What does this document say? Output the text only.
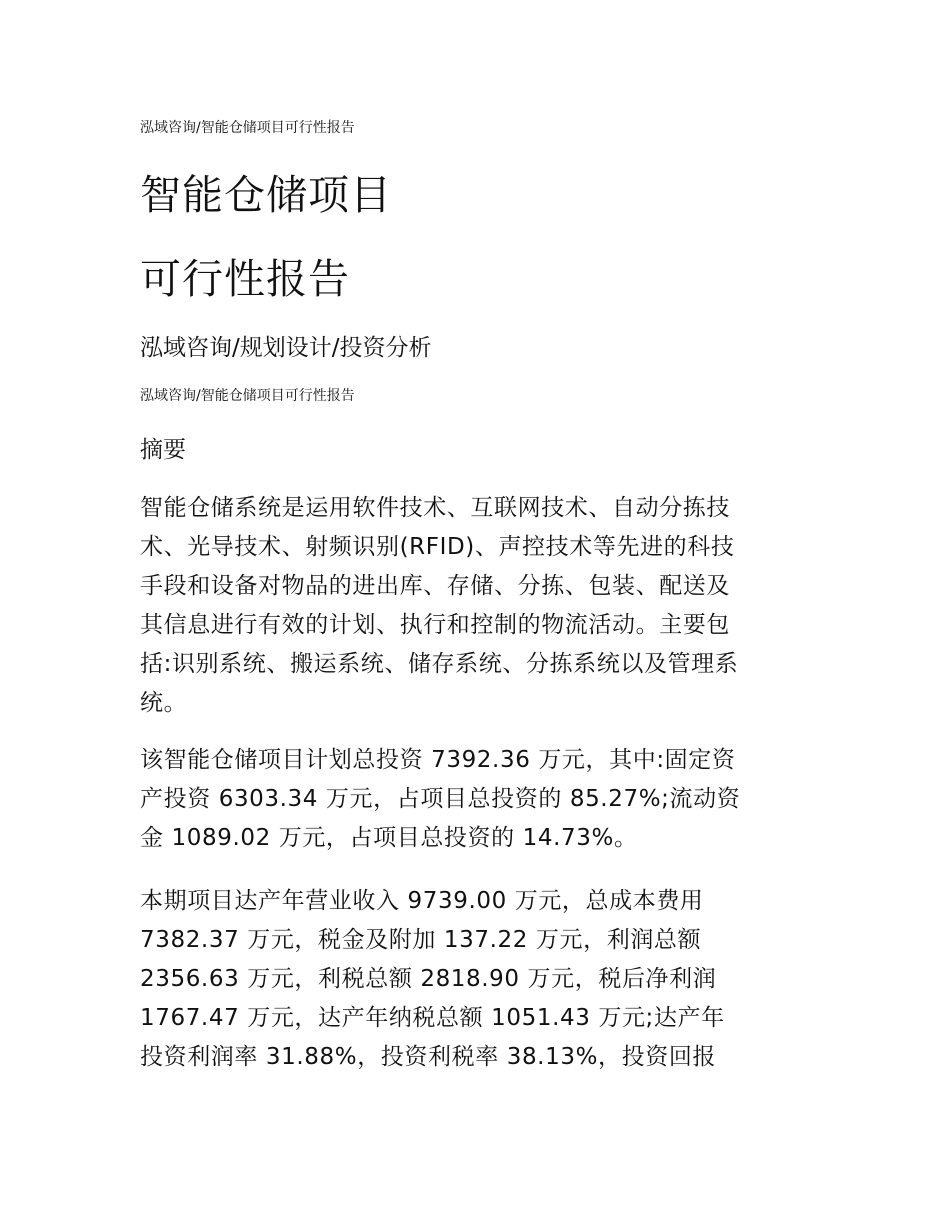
泓域咨询/智能仓储项目可行性报告
智能仓储项目
可行性报告
泓域咨询/规划设计/投资分析
泓域咨询/智能仓储项目可行性报告
摘要
智能仓储系统是运用软件技术、互联网技术、自动分拣技
术、光导技术、射频识别(RFID)、声控技术等先进的科技
手段和设备对物品的进出库、存储、分拣、包装、配送及
其信息进行有效的计划、执行和控制的物流活动。主要包
括:识别系统、搬运系统、储存系统、分拣系统以及管理系
统。
该智能仓储项目计划总投资 7392.36 万元，其中:固定资
产投资 6303.34 万元，占项目总投资的 85.27%;流动资
金 1089.02 万元，占项目总投资的 14.73%。
本期项目达产年营业收入 9739.00 万元，总成本费用
7382.37 万元，税金及附加 137.22 万元，利润总额
2356.63 万元，利税总额 2818.90 万元，税后净利润
1767.47 万元，达产年纳税总额 1051.43 万元;达产年
投资利润率 31.88%，投资利税率 38.13%，投资回报
